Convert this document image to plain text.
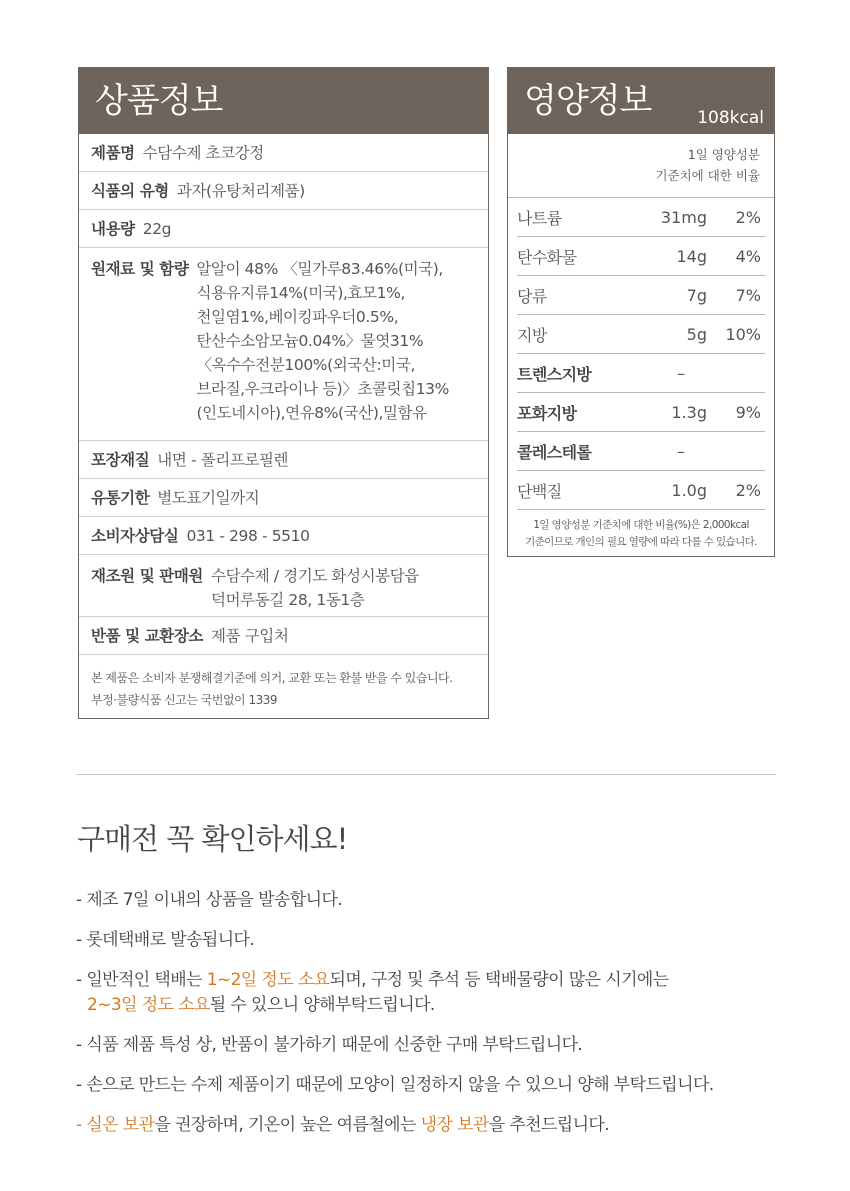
상품정보
제품명 수담수제 초코강정
식품의 유형 과자(유탕처리제품)
내용량 22g
원재료 및 함량 알알이 48% 〈밀가루83.46%(미국),
식용유지류14%(미국),효모1%,
천일염1%,베이킹파우더0.5%,
탄산수소암모늄0.04%〉물엿31%
〈옥수수전분100%(외국산:미국,
브라질,우크라이나 등)〉초콜릿칩13%
(인도네시아),연유8%(국산),밀함유
포장재질 내면 - 폴리프로필렌
유통기한 별도표기일까지
소비자상담실 031 - 298 - 5510
재조원 및 판매원 수담수제 / 경기도 화성시봉담읍
덕머루동길 28, 1동1층
반품 및 교환장소 제품 구입처
본 제품은 소비자 분쟁해결기준에 의거, 교환 또는 환불 받을 수 있습니다.
부정·불량식품 신고는 국번없이 1339
영양정보	108kcal
1일 영양성분
기준치에 대한 비율
나트륨	31mg	2%
탄수화물	14g	4%
당류	7g	7%
지방	5g	10%
트렌스지방	–
포화지방	1.3g	9%
콜레스테롤	–
단백질	1.0g	2%
1일 영양성분 기준치에 대한 비율(%)은 2,000kcal
기준이므로 개인의 필요 열량에 따라 다를 수 있습니다.
구매전 꼭 확인하세요!
- 제조 7일 이내의 상품을 발송합니다.
- 롯데택배로 발송됩니다.
- 일반적인 택배는 1~2일 정도 소요되며, 구정 및 추석 등 택배물량이 많은 시기에는
2~3일 정도 소요될 수 있으니 양해부탁드립니다.
- 식품 제품 특성 상, 반품이 불가하기 때문에 신중한 구매 부탁드립니다.
- 손으로 만드는 수제 제품이기 때문에 모양이 일정하지 않을 수 있으니 양해 부탁드립니다.
- 실온 보관을 권장하며, 기온이 높은 여름철에는 냉장 보관을 추천드립니다.
